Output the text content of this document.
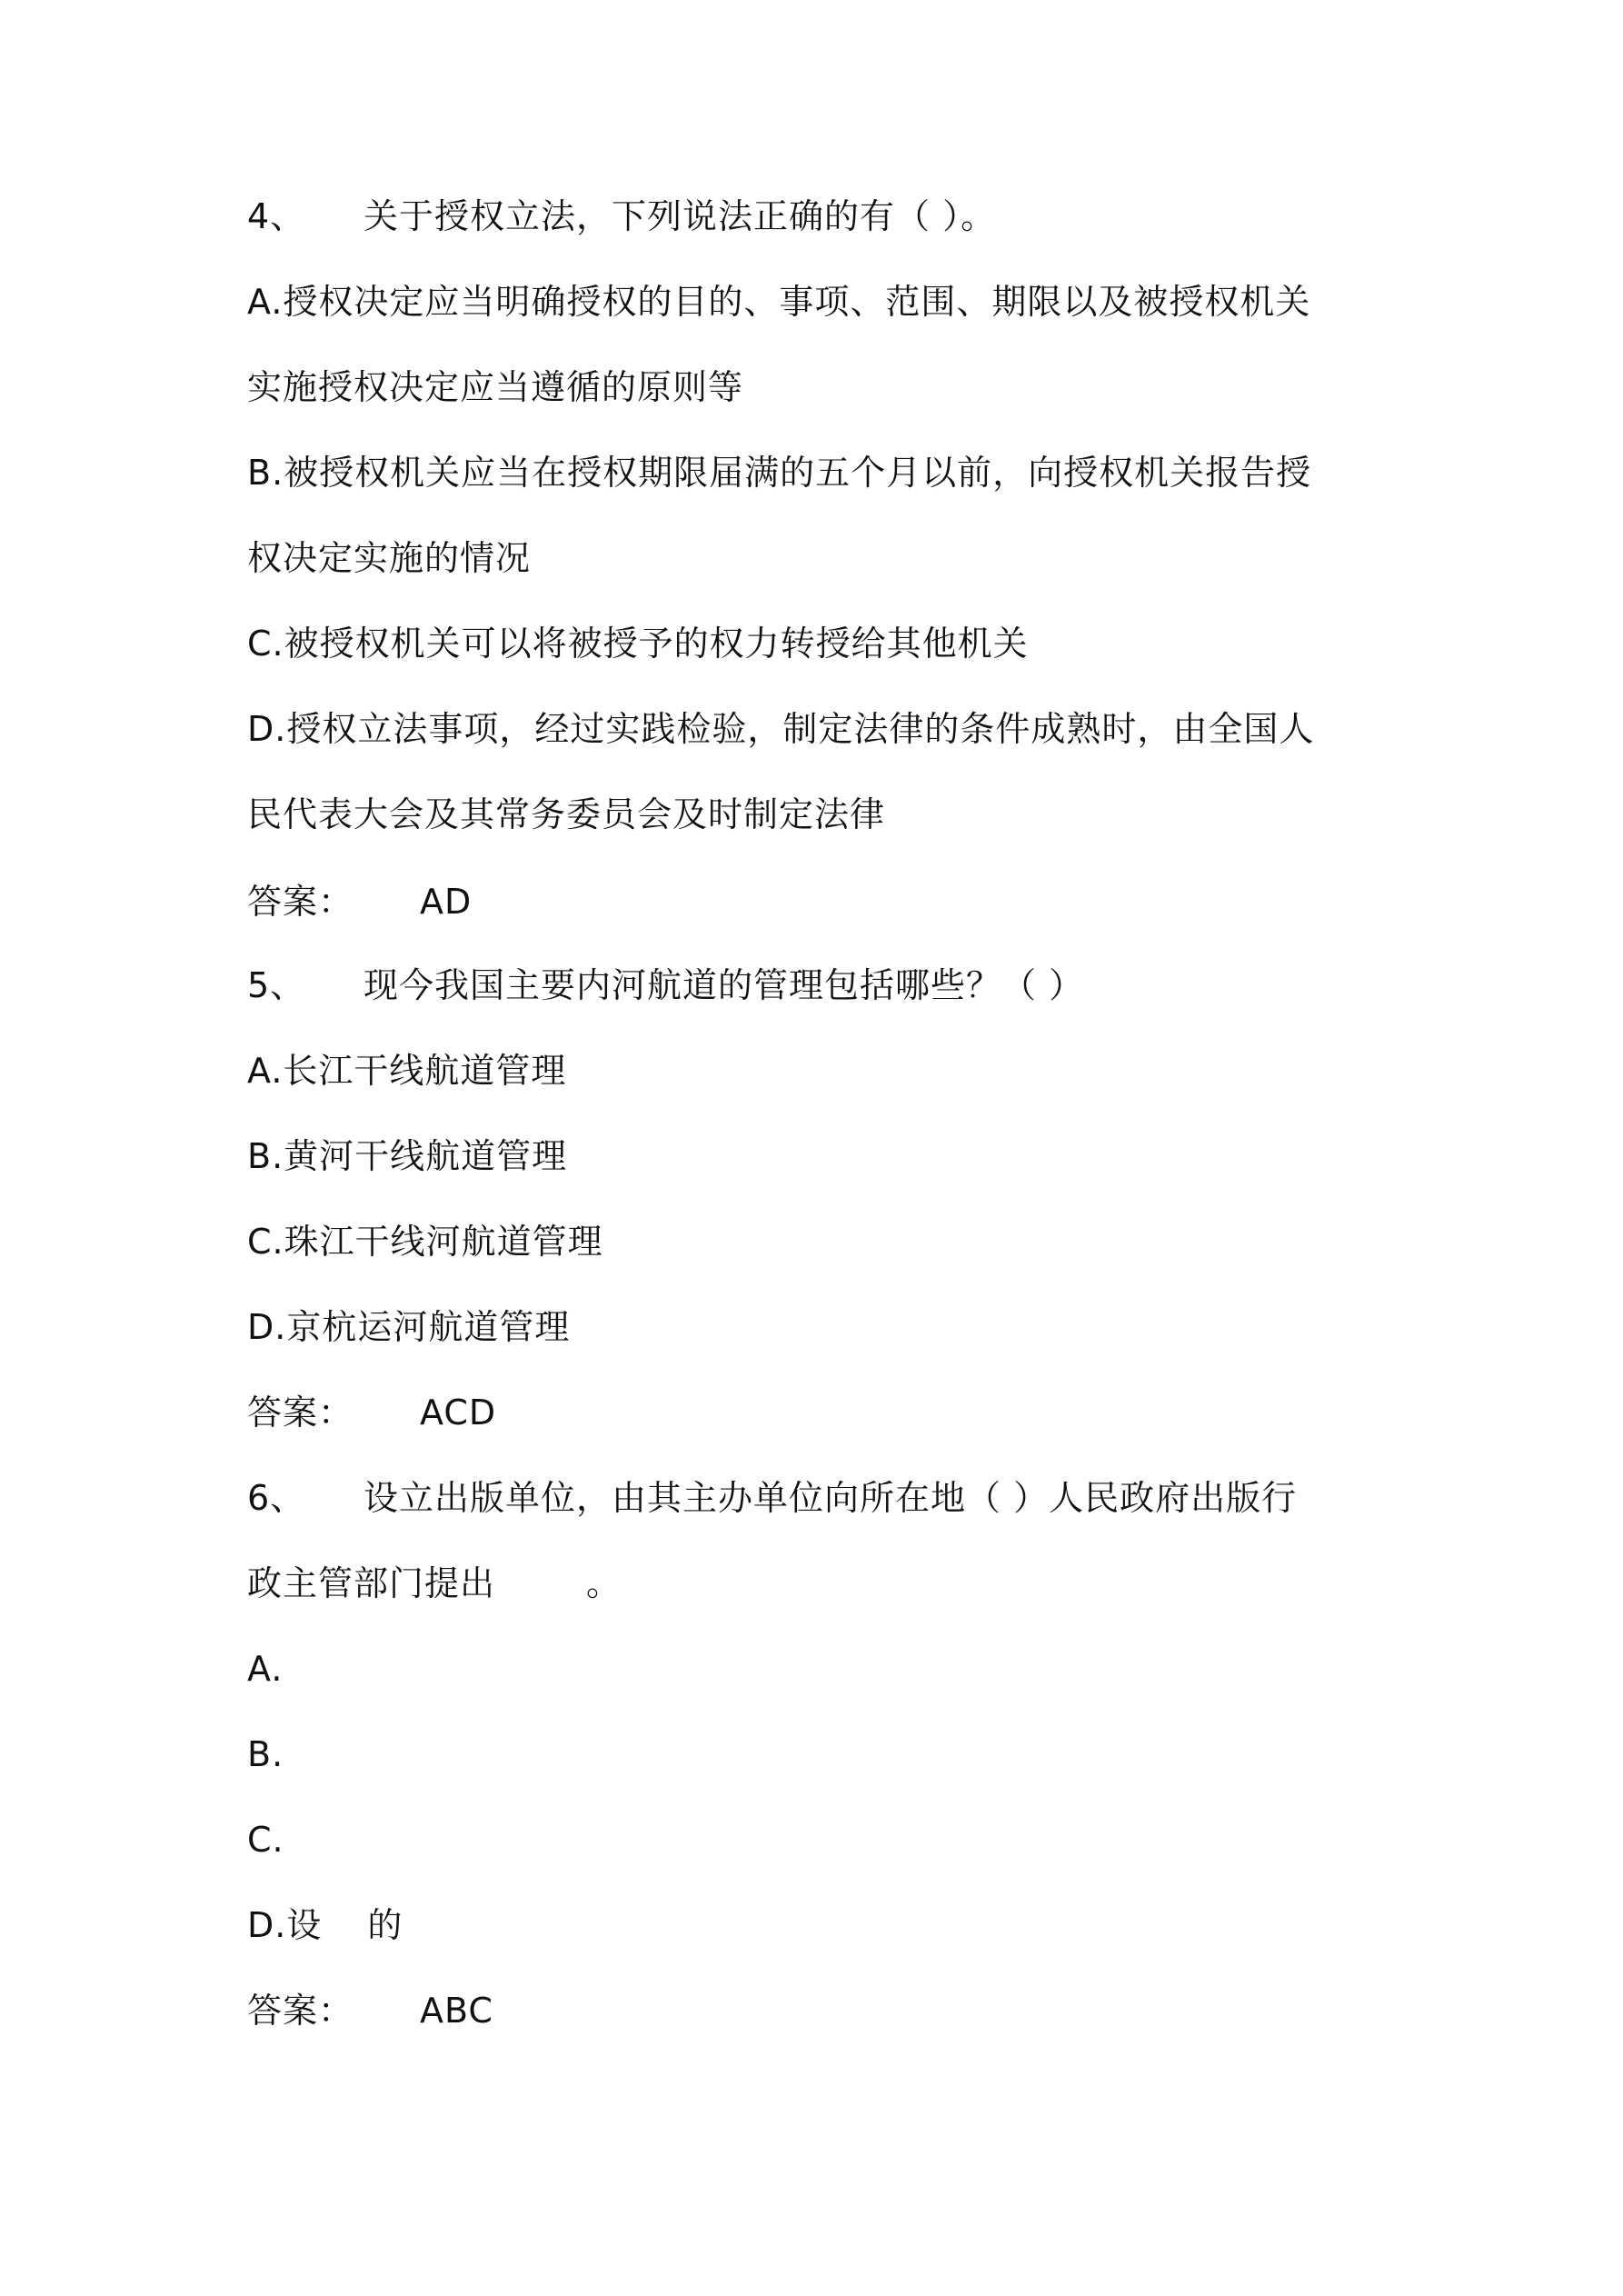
4、 关于授权立法，下列说法正确的有（ ）。
A.授权决定应当明确授权的目的、事项、范围、期限以及被授权机关
实施授权决定应当遵循的原则等
B.被授权机关应当在授权期限届满的五个月以前，向授权机关报告授
权决定实施的情况
C.被授权机关可以将被授予的权力转授给其他机关
D.授权立法事项，经过实践检验，制定法律的条件成熟时，由全国人
民代表大会及其常务委员会及时制定法律
答案： AD
5、 现今我国主要内河航道的管理包括哪些？（ ）
A.长江干线航道管理
B.黄河干线航道管理
C.珠江干线河航道管理
D.京杭运河航道管理
答案： ACD
6、 设立出版单位，由其主办单位向所在地（ ）人民政府出版行
政主管部门提出	。
A.
B.
C.
D.设 的
答案： ABC
